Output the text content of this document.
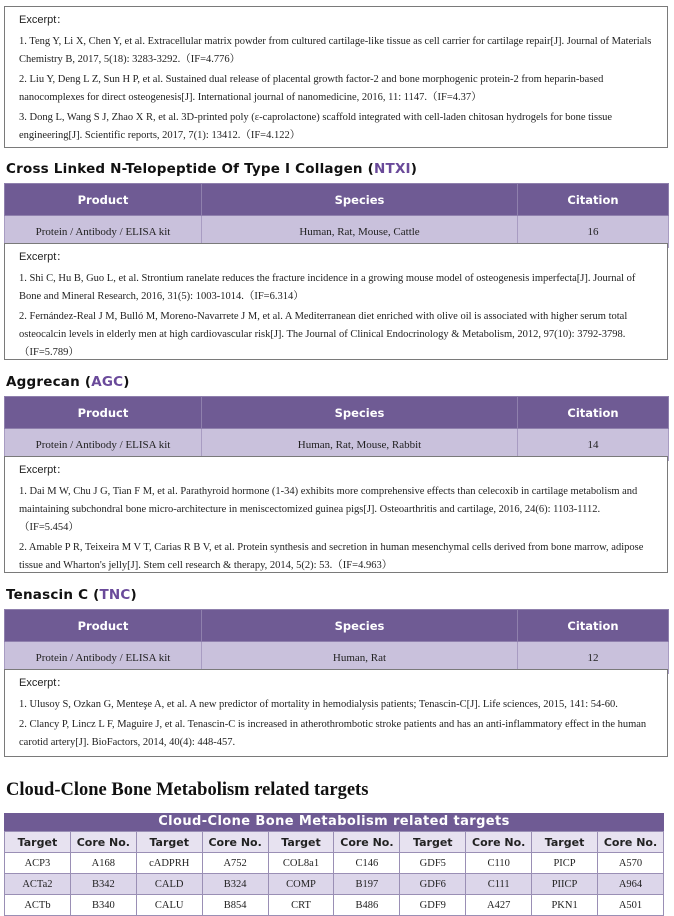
Excerpt：
1. Teng Y, Li X, Chen Y, et al. Extracellular matrix powder from cultured cartilage-like tissue as cell carrier for cartilage repair[J]. Journal of Materials Chemistry B, 2017, 5(18): 3283-3292.（IF=4.776）
2. Liu Y, Deng L Z, Sun H P, et al. Sustained dual release of placental growth factor-2 and bone morphogenic protein-2 from heparin-based nanocomplexes for direct osteogenesis[J]. International journal of nanomedicine, 2016, 11: 1147.（IF=4.37）
3. Dong L, Wang S J, Zhao X R, et al. 3D-printed poly (ε-caprolactone) scaffold integrated with cell-laden chitosan hydrogels for bone tissue engineering[J]. Scientific reports, 2017, 7(1): 13412.（IF=4.122）
Cross Linked N-Telopeptide Of Type I Collagen (NTXI)
Product	Species	Citation
Protein / Antibody / ELISA kit	Human, Rat, Mouse, Cattle	16
Excerpt：
1. Shi C, Hu B, Guo L, et al. Strontium ranelate reduces the fracture incidence in a growing mouse model of osteogenesis imperfecta[J]. Journal of Bone and Mineral Research, 2016, 31(5): 1003-1014.（IF=6.314）
2. Fernández-Real J M, Bulló M, Moreno-Navarrete J M, et al. A Mediterranean diet enriched with olive oil is associated with higher serum total osteocalcin levels in elderly men at high cardiovascular risk[J]. The Journal of Clinical Endocrinology & Metabolism, 2012, 97(10): 3792-3798.（IF=5.789）
Aggrecan (AGC)
Product	Species	Citation
Protein / Antibody / ELISA kit	Human, Rat, Mouse, Rabbit	14
Excerpt：
1. Dai M W, Chu J G, Tian F M, et al. Parathyroid hormone (1-34) exhibits more comprehensive effects than celecoxib in cartilage metabolism and maintaining subchondral bone micro-architecture in meniscectomized guinea pigs[J]. Osteoarthritis and cartilage, 2016, 24(6): 1103-1112.（IF=5.454）
2. Amable P R, Teixeira M V T, Carias R B V, et al. Protein synthesis and secretion in human mesenchymal cells derived from bone marrow, adipose tissue and Wharton's jelly[J]. Stem cell research & therapy, 2014, 5(2): 53.（IF=4.963）
Tenascin C (TNC)
Product	Species	Citation
Protein / Antibody / ELISA kit	Human, Rat	12
Excerpt：
1. Ulusoy S, Ozkan G, Menteşe A, et al. A new predictor of mortality in hemodialysis patients; Tenascin-C[J]. Life sciences, 2015, 141: 54-60.
2. Clancy P, Lincz L F, Maguire J, et al. Tenascin-C is increased in atherothrombotic stroke patients and has an anti-inflammatory effect in the human carotid artery[J]. BioFactors, 2014, 40(4): 448-457.
Cloud-Clone Bone Metabolism related targets
Cloud-Clone Bone Metabolism related targets
Target	Core No.	Target	Core No.	Target	Core No.	Target	Core No.	Target	Core No.
ACP3	A168	cADPRH	A752	COL8a1	C146	GDF5	C110	PICP	A570
ACTa2	B342	CALD	B324	COMP	B197	GDF6	C111	PIICP	A964
ACTb	B340	CALU	B854	CRT	B486	GDF9	A427	PKN1	A501
